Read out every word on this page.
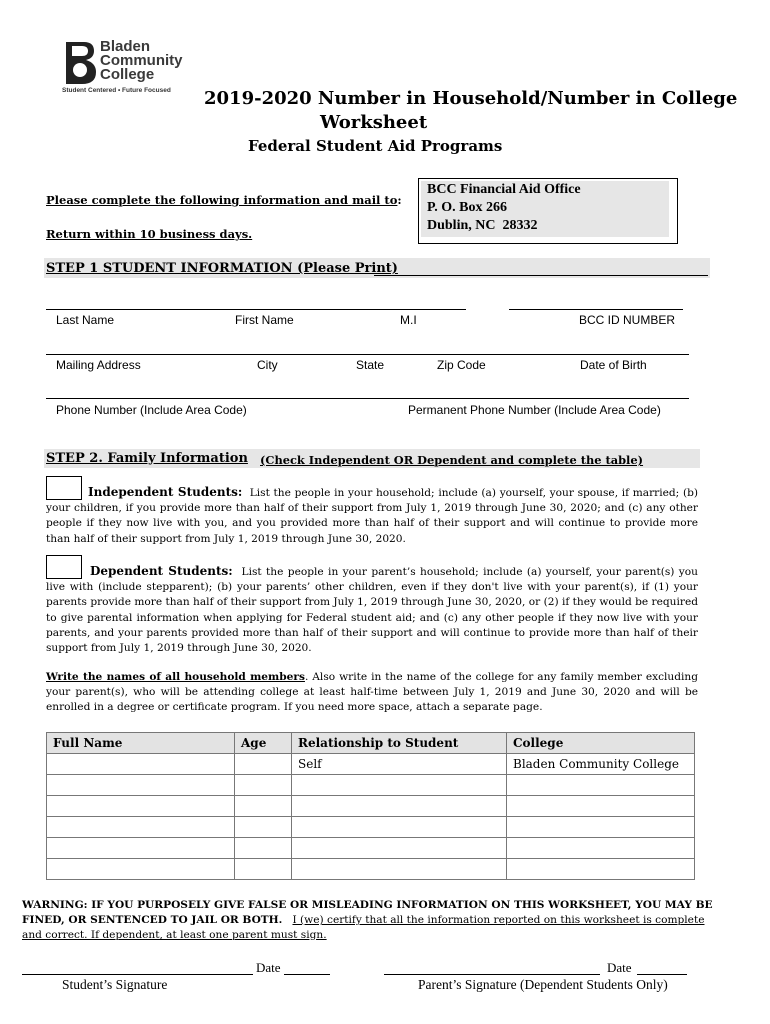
Bladen
Community
College
Student Centered • Future Focused 2019-2020 Number in Household/Number in College
Worksheet
Federal Student Aid Programs
Please complete the following information and mail to:
Return within 10 business days.
BCC Financial Aid Office
P. O. Box 266
Dublin, NC  28332
STEP 1 STUDENT INFORMATION (Please Print)
Last Name	First Name	M.I	BCC ID NUMBER
Mailing Address	City	State	Zip Code	Date of Birth
Phone Number (Include Area Code)	Permanent Phone Number (Include Area Code)
STEP 2. Family Information (Check Independent OR Dependent and complete the table)
Independent Students: List the people in your household; include (a) yourself, your spouse, if married; (b) your children, if you provide more than half of their support from July 1, 2019 through June 30, 2020; and (c) any other people if they now live with you, and you provided more than half of their support and will continue to provide more than half of their support from July 1, 2019 through June 30, 2020.
Dependent Students: List the people in your parent’s household; include (a) yourself, your parent(s) you live with (include stepparent); (b) your parents’ other children, even if they don't live with your parent(s), if (1) your parents provide more than half of their support from July 1, 2019 through June 30, 2020, or (2) if they would be required to give parental information when applying for Federal student aid; and (c) any other people if they now live with your parents, and your parents provided more than half of their support and will continue to provide more than half of their support from July 1, 2019 through June 30, 2020.
Write the names of all household members. Also write in the name of the college for any family member excluding your parent(s), who will be attending college at least half-time between July 1, 2019 and June 30, 2020 and will be enrolled in a degree or certificate program. If you need more space, attach a separate page.
Full Name	Age	Relationship to Student	College
		Self	Bladen Community College

WARNING: IF YOU PURPOSELY GIVE FALSE OR MISLEADING INFORMATION ON THIS WORKSHEET, YOU MAY BE FINED, OR SENTENCED TO JAIL OR BOTH. I (we) certify that all the information reported on this worksheet is complete and correct. If dependent, at least one parent must sign.
Date	Date
Student’s Signature	Parent’s Signature (Dependent Students Only)
